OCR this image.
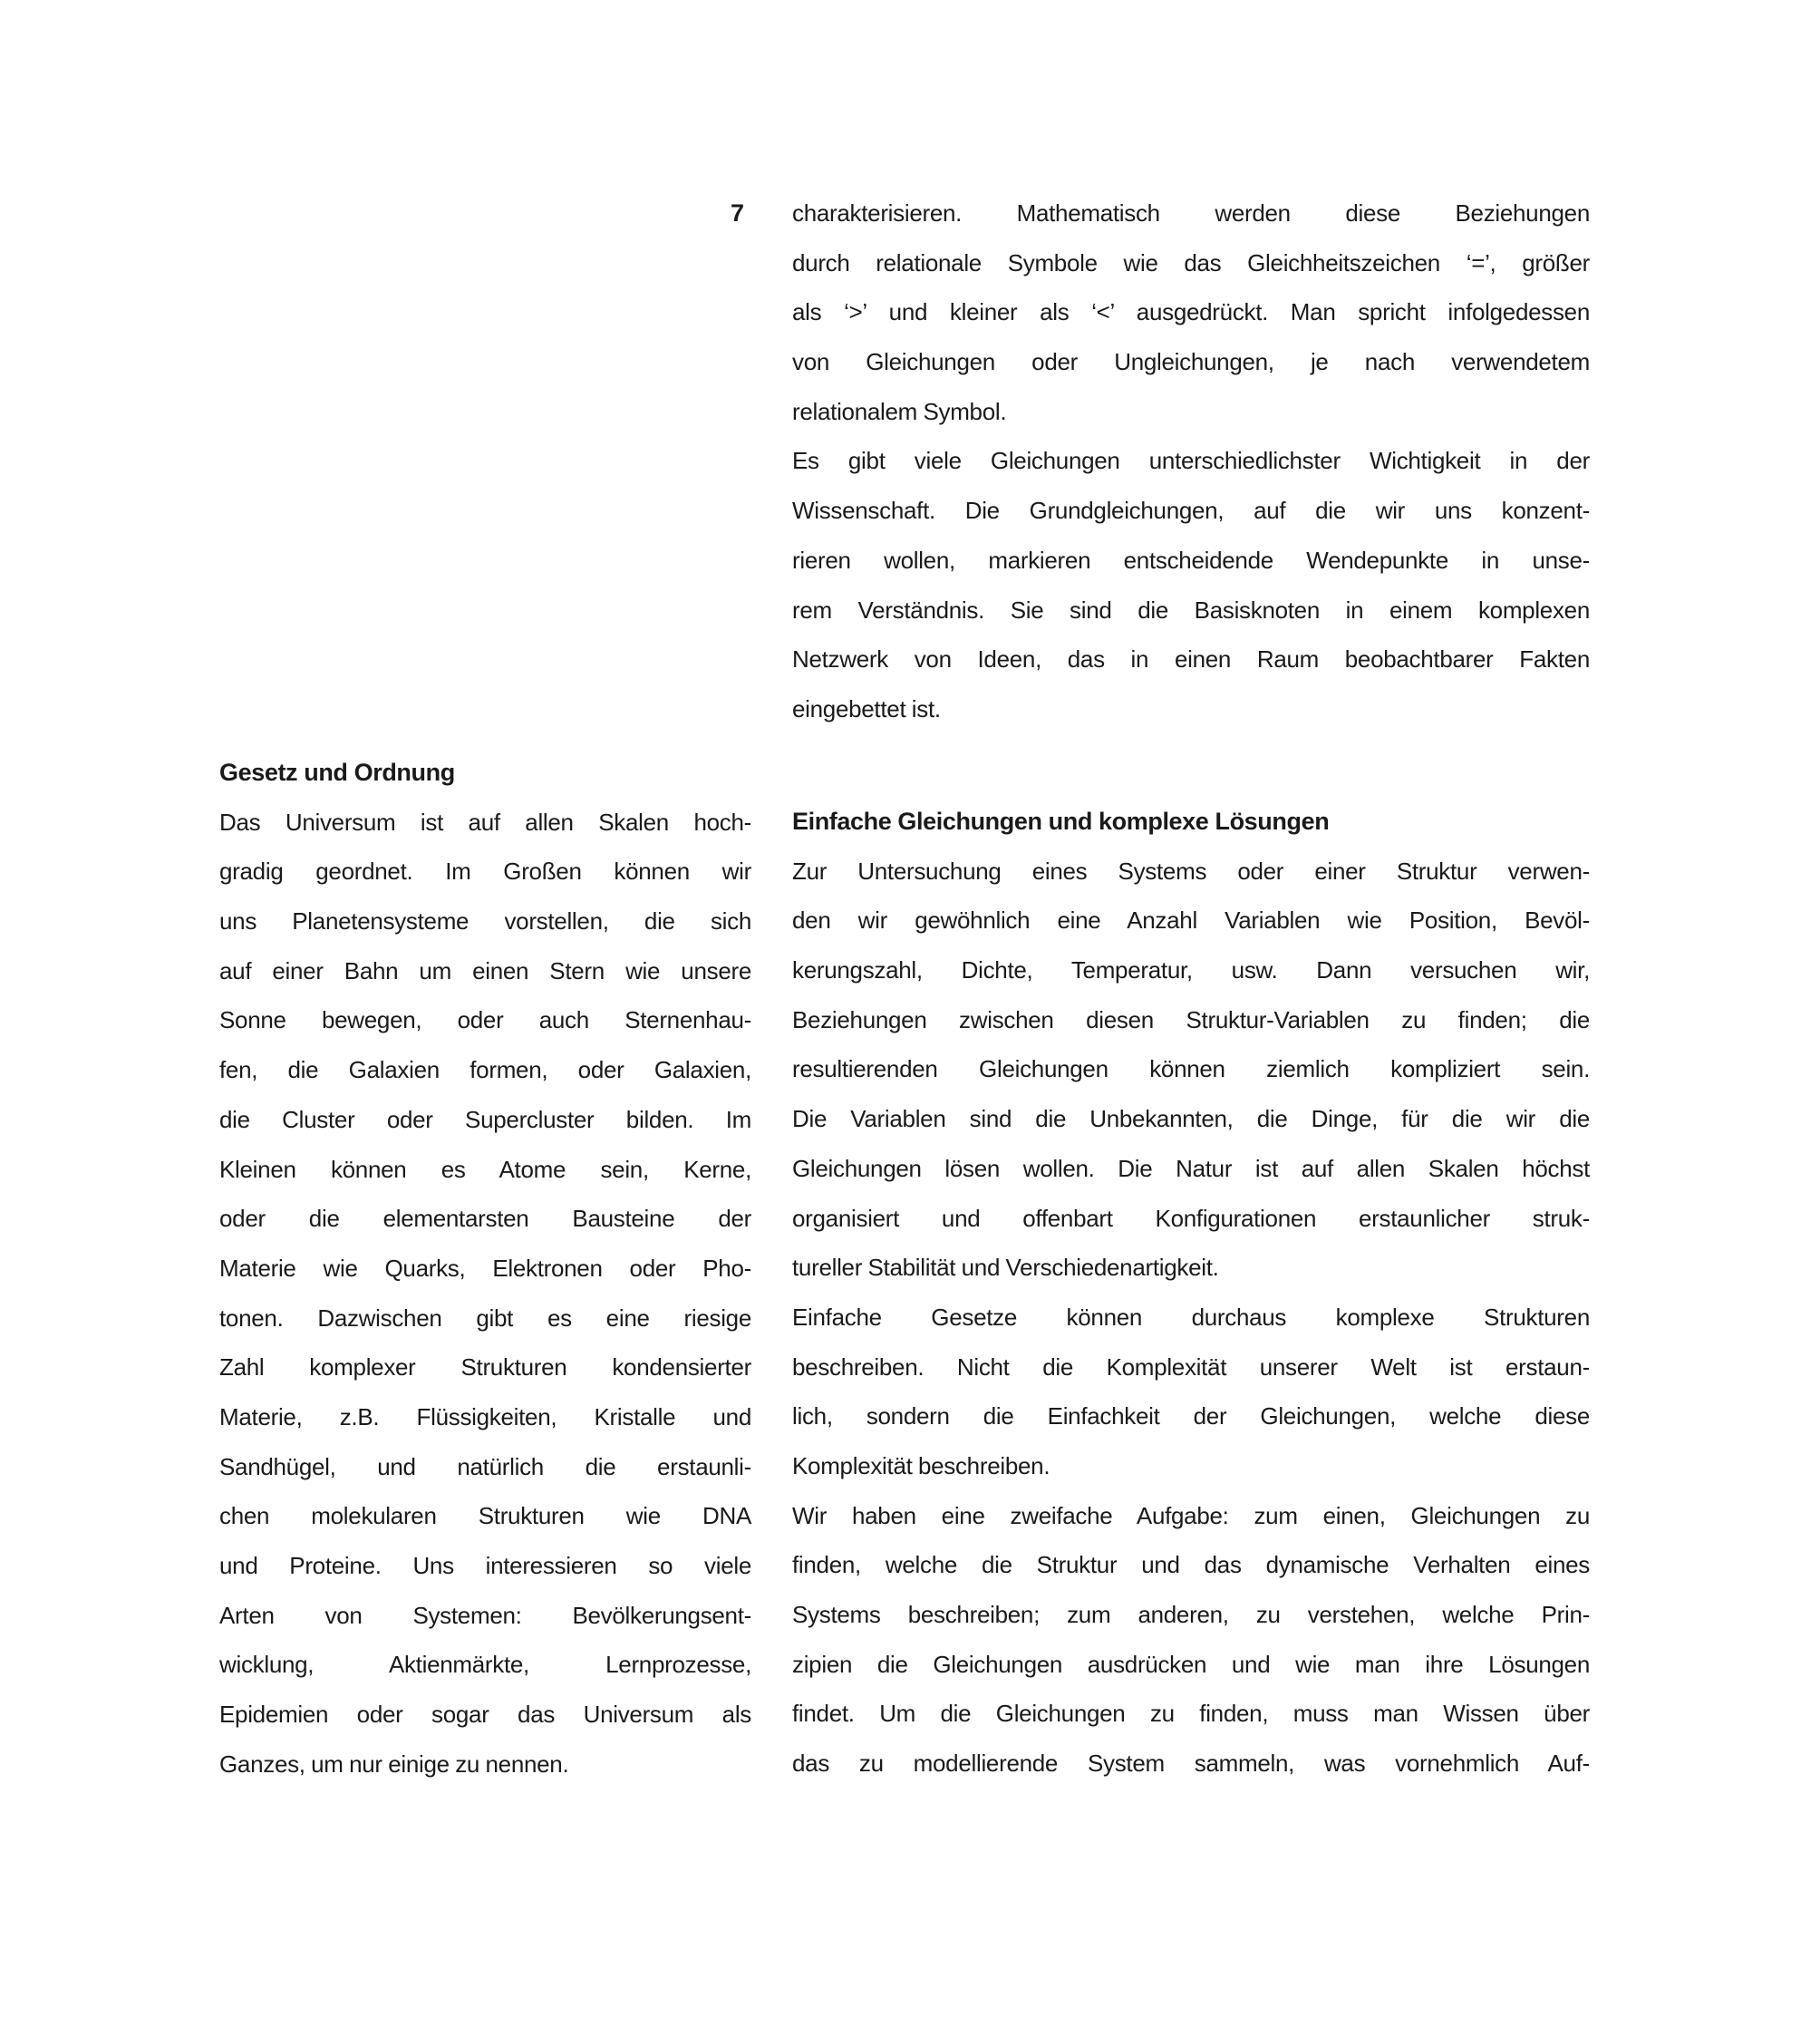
7
Gesetz und Ordnung
Das Universum ist auf allen Skalen hoch-
gradig geordnet. Im Großen können wir
uns Planetensysteme vorstellen, die sich
auf einer Bahn um einen Stern wie unsere
Sonne bewegen, oder auch Sternenhau-
fen, die Galaxien formen, oder Galaxien,
die Cluster oder Supercluster bilden. Im
Kleinen können es Atome sein, Kerne,
oder die elementarsten Bausteine der
Materie wie Quarks, Elektronen oder Pho-
tonen. Dazwischen gibt es eine riesige
Zahl komplexer Strukturen kondensierter
Materie, z.B. Flüssigkeiten, Kristalle und
Sandhügel, und natürlich die erstaunli-
chen molekularen Strukturen wie DNA
und Proteine. Uns interessieren so viele
Arten von Systemen: Bevölkerungsent-
wicklung, Aktienmärkte, Lernprozesse,
Epidemien oder sogar das Universum als
Ganzes, um nur einige zu nennen.
charakterisieren. Mathematisch werden diese Beziehungen
durch relationale Symbole wie das Gleichheitszeichen ‘=’, größer
als ‘>’ und kleiner als ‘<’ ausgedrückt. Man spricht infolgedessen
von Gleichungen oder Ungleichungen, je nach verwendetem
relationalem Symbol.
Es gibt viele Gleichungen unterschiedlichster Wichtigkeit in der
Wissenschaft. Die Grundgleichungen, auf die wir uns konzent-
rieren wollen, markieren entscheidende Wendepunkte in unse-
rem Verständnis. Sie sind die Basisknoten in einem komplexen
Netzwerk von Ideen, das in einen Raum beobachtbarer Fakten
eingebettet ist.
Einfache Gleichungen und komplexe Lösungen
Zur Untersuchung eines Systems oder einer Struktur verwen-
den wir gewöhnlich eine Anzahl Variablen wie Position, Bevöl-
kerungszahl, Dichte, Temperatur, usw. Dann versuchen wir,
Beziehungen zwischen diesen Struktur-Variablen zu finden; die
resultierenden Gleichungen können ziemlich kompliziert sein.
Die Variablen sind die Unbekannten, die Dinge, für die wir die
Gleichungen lösen wollen. Die Natur ist auf allen Skalen höchst
organisiert und offenbart Konfigurationen erstaunlicher struk-
tureller Stabilität und Verschiedenartigkeit.
Einfache Gesetze können durchaus komplexe Strukturen
beschreiben. Nicht die Komplexität unserer Welt ist erstaun-
lich, sondern die Einfachkeit der Gleichungen, welche diese
Komplexität beschreiben.
Wir haben eine zweifache Aufgabe: zum einen, Gleichungen zu
finden, welche die Struktur und das dynamische Verhalten eines
Systems beschreiben; zum anderen, zu verstehen, welche Prin-
zipien die Gleichungen ausdrücken und wie man ihre Lösungen
findet. Um die Gleichungen zu finden, muss man Wissen über
das zu modellierende System sammeln, was vornehmlich Auf-
